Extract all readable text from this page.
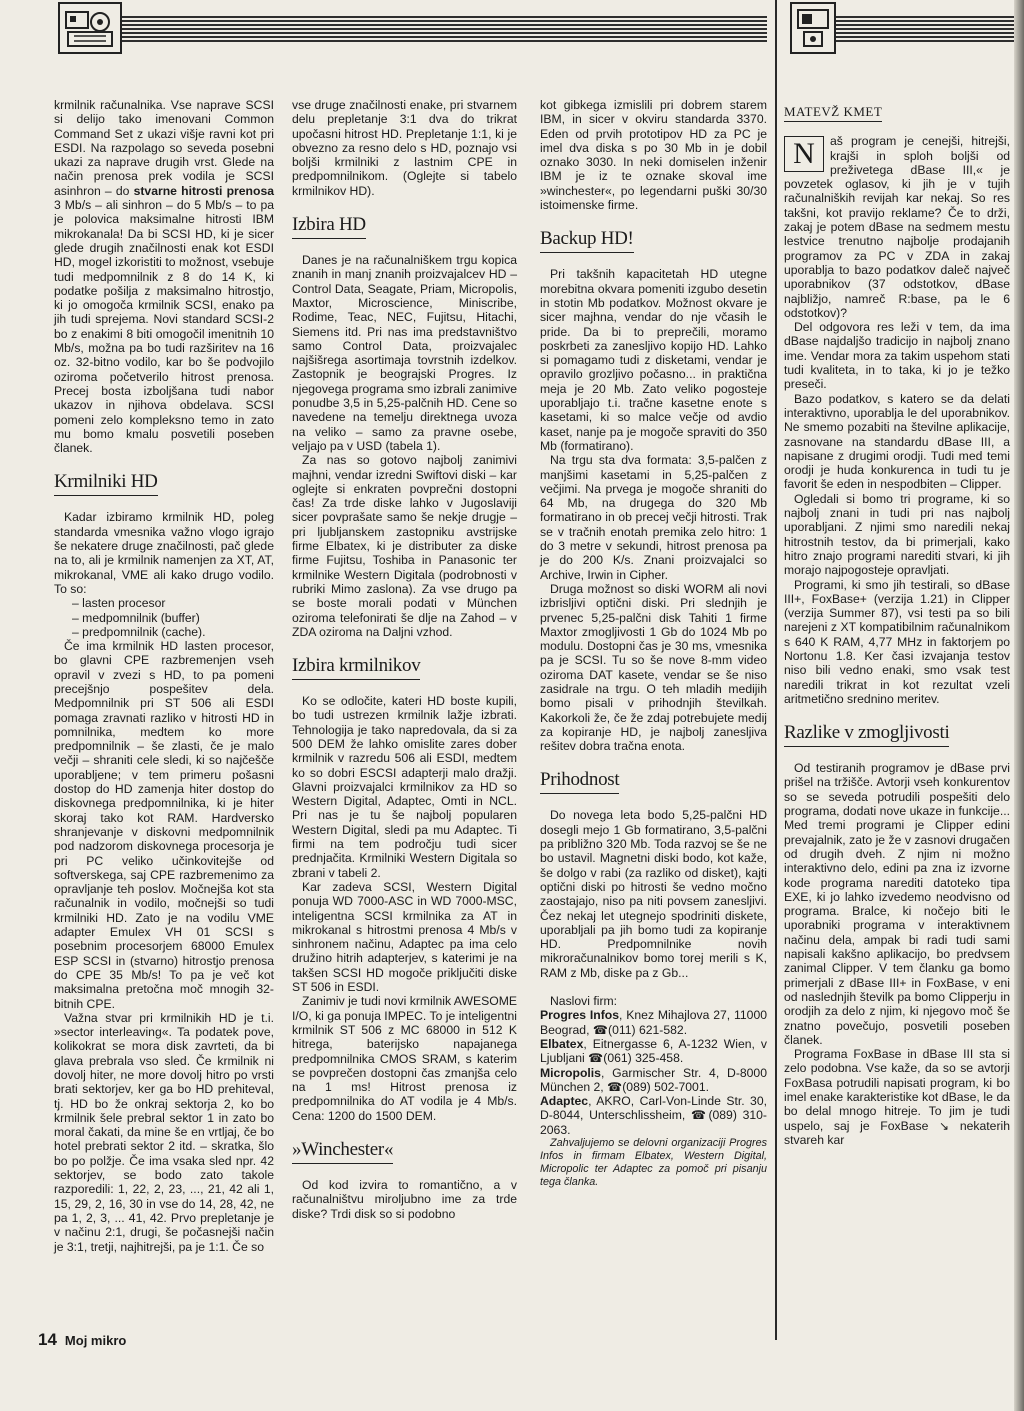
krmilnik računalnika. Vse naprave SCSI si delijo tako imenovani Common Command Set z ukazi višje ravni kot pri ESDI. Na razpolago so seveda posebni ukazi za naprave drugih vrst. Glede na način prenosa prek vodila je SCSI asinhron – do stvarne hitrosti prenosa 3 Mb/s – ali sinhron – do 5 Mb/s – to pa je polovica maksimalne hitrosti IBM mikrokanala! Da bi SCSI HD, ki je sicer glede drugih značilnosti enak kot ESDI HD, mogel izkoristiti to možnost, vsebuje tudi medpomnilnik z 8 do 14 K, ki podatke pošilja z maksimalno hitrostjo, ki jo omogoča krmilnik SCSI, enako pa jih tudi sprejema. Novi standard SCSI-2 bo z enakimi 8 biti omogočil imenitnih 10 Mb/s, možna pa bo tudi razširitev na 16 oz. 32-bitno vodilo, kar bo še podvojilo oziroma početverilo hitrost prenosa. Precej bosta izboljšana tudi nabor ukazov in njihova obdelava. SCSI pomeni zelo kompleksno temo in zato mu bomo kmalu posvetili poseben članek.

Krmilniki HD

Kadar izbiramo krmilnik HD, poleg standarda vmesnika važno vlogo igrajo še nekatere druge značilnosti, pač glede na to, ali je krmilnik namenjen za XT, AT, mikrokanal, VME ali kako drugo vodilo. To so:

– lasten procesor

– medpomnilnik (buffer)

– predpomnilnik (cache).

Če ima krmilnik HD lasten procesor, bo glavni CPE razbremenjen vseh opravil v zvezi s HD, to pa pomeni precejšnjo pospešitev dela. Medpomnilnik pri ST 506 ali ESDI pomaga zravnati razliko v hitrosti HD in pomnilnika, medtem ko more predpomnilnik – še zlasti, če je malo večji – shraniti cele sledi, ki so najčešče uporabljene; v tem primeru pošasni dostop do HD zamenja hiter dostop do diskovnega predpomnilnika, ki je hiter skoraj tako kot RAM. Hardversko shranjevanje v diskovni medpomnilnik pod nadzorom diskovnega procesorja je pri PC veliko učinkovitejše od softverskega, saj CPE razbremenimo za opravljanje teh poslov. Močnejša kot sta računalnik in vodilo, močnejši so tudi krmilniki HD. Zato je na vodilu VME adapter Emulex VH 01 SCSI s posebnim procesorjem 68000 Emulex ESP SCSI in (stvarno) hitrostjo prenosa do CPE 35 Mb/s! To pa je več kot maksimalna pretočna moč mnogih 32-bitnih CPE.

Važna stvar pri krmilnikih HD je t.i. »sector interleaving«. Ta podatek pove, kolikokrat se mora disk zavrteti, da bi glava prebrala vso sled. Če krmilnik ni dovolj hiter, ne more dovolj hitro po vrsti brati sektorjev, ker ga bo HD prehiteval, tj. HD bo že onkraj sektorja 2, ko bo krmilnik šele prebral sektor 1 in zato bo moral čakati, da mine še en vrtljaj, če bo hotel prebrati sektor 2 itd. – skratka, šlo bo po polžje. Če ima vsaka sled npr. 42 sektorjev, se bodo zato takole razporedili: 1, 22, 2, 23, ..., 21, 42 ali 1, 15, 29, 2, 16, 30 in vse do 14, 28, 42, ne pa 1, 2, 3, ... 41, 42. Prvo prepletanje je v načinu 2:1, drugi, še počasnejši način je 3:1, tretji, najhitrejši, pa je 1:1. Če so

vse druge značilnosti enake, pri stvarnem delu prepletanje 3:1 dva do trikrat upočasni hitrost HD. Prepletanje 1:1, ki je obvezno za resno delo s HD, poznajo vsi boljši krmilniki z lastnim CPE in predpomnilnikom. (Oglejte si tabelo krmilnikov HD).

Izbira HD

Danes je na računalniškem trgu kopica znanih in manj znanih proizvajalcev HD – Control Data, Seagate, Priam, Micropolis, Maxtor, Microscience, Miniscribe, Rodime, Teac, NEC, Fujitsu, Hitachi, Siemens itd. Pri nas ima predstavništvo samo Control Data, proizvajalec najšišrega asortimaja tovrstnih izdelkov. Zastopnik je beograjski Progres. Iz njegovega programa smo izbrali zanimive ponudbe 3,5 in 5,25-palčnih HD. Cene so navedene na temelju direktnega uvoza na veliko – samo za pravne osebe, veljajo pa v USD (tabela 1).

Za nas so gotovo najbolj zanimivi majhni, vendar izredni Swiftovi diski – kar oglejte si enkraten povprečni dostopni čas! Za trde diske lahko v Jugoslaviji sicer povprašate samo še nekje drugje – pri ljubljanskem zastopniku avstrijske firme Elbatex, ki je distributer za diske firme Fujitsu, Toshiba in Panasonic ter krmilnike Western Digitala (podrobnosti v rubriki Mimo zaslona). Za vse drugo pa se boste morali podati v München oziroma telefonirati še dlje na Zahod – v ZDA oziroma na Daljni vzhod.

Izbira krmilnikov

Ko se odločite, kateri HD boste kupili, bo tudi ustrezen krmilnik lažje izbrati. Tehnologija je tako napredovala, da si za 500 DEM že lahko omislite zares dober krmilnik v razredu 506 ali ESDI, medtem ko so dobri ESCSI adapterji malo dražji. Glavni proizvajalci krmilnikov za HD so Western Digital, Adaptec, Omti in NCL. Pri nas je tu še najbolj popularen Western Digital, sledi pa mu Adaptec. Ti firmi na tem področju tudi sicer prednjačita. Krmilniki Western Digitala so zbrani v tabeli 2.

Kar zadeva SCSI, Western Digital ponuja WD 7000-ASC in WD 7000-MSC, inteligentna SCSI krmilnika za AT in mikrokanal s hitrostmi prenosa 4 Mb/s v sinhronem načinu, Adaptec pa ima celo družino hitrih adapterjev, s katerimi je na takšen SCSI HD mogoče priključiti diske ST 506 in ESDI.

Zanimiv je tudi novi krmilnik AWESOME I/O, ki ga ponuja IMPEC. To je inteligentni krmilnik ST 506 z MC 68000 in 512 K hitrega, baterijsko napajanega predpomnilnika CMOS SRAM, s katerim se povprečen dostopni čas zmanjša celo na 1 ms! Hitrost prenosa iz predpomnilnika do AT vodila je 4 Mb/s. Cena: 1200 do 1500 DEM.

»Winchester«

Od kod izvira to romantično, a v računalništvu miroljubno ime za trde diske? Trdi disk so si podobno

kot gibkega izmislili pri dobrem starem IBM, in sicer v okviru standarda 3370. Eden od prvih prototipov HD za PC je imel dva diska s po 30 Mb in je dobil oznako 3030. In neki domiselen inženir IBM je iz te oznake skoval ime »winchester«, po legendarni puški 30/30 istoimenske firme.

Backup HD!

Pri takšnih kapacitetah HD utegne morebitna okvara pomeniti izgubo desetin in stotin Mb podatkov. Možnost okvare je sicer majhna, vendar do nje včasih le pride. Da bi to preprečili, moramo poskrbeti za zanesljivo kopijo HD. Lahko si pomagamo tudi z disketami, vendar je opravilo grozljivo počasno... in praktična meja je 20 Mb. Zato veliko pogosteje uporabljajo t.i. tračne kasetne enote s kasetami, ki so malce večje od avdio kaset, nanje pa je mogoče spraviti do 350 Mb (formatirano).

Na trgu sta dva formata: 3,5-palčen z manjšimi kasetami in 5,25-palčen z večjimi. Na prvega je mogoče shraniti do 64 Mb, na drugega do 320 Mb formatirano in ob precej večji hitrosti. Trak se v tračnih enotah premika zelo hitro: 1 do 3 metre v sekundi, hitrost prenosa pa je do 200 K/s. Znani proizvajalci so Archive, Irwin in Cipher.

Druga možnost so diski WORM ali novi izbrisljivi optični diski. Pri slednjih je prvenec 5,25-palčni disk Tahiti 1 firme Maxtor zmogljivosti 1 Gb do 1024 Mb po modulu. Dostopni čas je 30 ms, vmesnika pa je SCSI. Tu so še nove 8-mm video oziroma DAT kasete, vendar se še niso zasidrale na trgu. O teh mladih medijih bomo pisali v prihodnjih številkah. Kakorkoli že, če že zdaj potrebujete medij za kopiranje HD, je najbolj zanesljiva rešitev dobra tračna enota.

Prihodnost

Do novega leta bodo 5,25-palčni HD dosegli mejo 1 Gb formatirano, 3,5-palčni pa približno 320 Mb. Toda razvoj se še ne bo ustavil. Magnetni diski bodo, kot kaže, še dolgo v rabi (za razliko od disket), kajti optični diski po hitrosti še vedno močno zaostajajo, niso pa niti povsem zanesljivi. Čez nekaj let utegnejo spodriniti diskete, uporabljali pa jih bomo tudi za kopiranje HD. Predpomnilnike novih mikroračunalnikov bomo torej merili s K, RAM z Mb, diske pa z Gb...

Naslovi firm:

Progres Infos, Knez Mihajlova 27, 11000 Beograd, ☎(011) 621-582.

Elbatex, Eitnergasse 6, A-1232 Wien, v Ljubljani ☎(061) 325-458.

Micropolis, Garmischer Str. 4, D-8000 München 2, ☎(089) 502-7001.

Adaptec, AKRO, Carl-Von-Linde Str. 30, D-8044, Unterschlissheim, ☎(089) 310-2063.

Zahvaljujemo se delovni organizaciji Progres Infos in firmam Elbatex, Western Digital, Micropolic ter Adaptec za pomoč pri pisanju tega članka.

MATEVŽ KMET
N	aš program je cenejši, hitrejši, krajši in sploh boljši od preživetega dBase III,« je povzetek oglasov, ki jih je v tujih računalniških revijah kar nekaj. So res takšni, kot pravijo reklame? Če to drži, zakaj je potem dBase na sedmem mestu lestvice trenutno najbolje prodajanih programov za PC v ZDA in zakaj uporablja to bazo podatkov daleč največ uporabnikov (37 odstotkov, dBase najbližjo, namreč R:base, pa le 6 odstotkov)?

Del odgovora res leži v tem, da ima dBase najdaljšo tradicijo in najbolj znano ime. Vendar mora za takim uspehom stati tudi kvaliteta, in to taka, ki jo je težko preseči.

Bazo podatkov, s katero se da delati interaktivno, uporablja le del uporabnikov. Ne smemo pozabiti na številne aplikacije, zasnovane na standardu dBase III, a napisane z drugimi orodji. Tudi med temi orodji je huda konkurenca in tudi tu je favorit še eden in nespodbiten – Clipper.

Ogledali si bomo tri programe, ki so najbolj znani in tudi pri nas najbolj uporabljani. Z njimi smo naredili nekaj hitrostnih testov, da bi primerjali, kako hitro znajo programi narediti stvari, ki jih morajo najpogosteje opravljati.

Programi, ki smo jih testirali, so dBase III+, FoxBase+ (verzija 1.21) in Clipper (verzija Summer 87), vsi testi pa so bili narejeni z XT kompatibilnim računalnikom s 640 K RAM, 4,77 MHz in faktorjem po Nortonu 1.8. Ker časi izvajanja testov niso bili vedno enaki, smo vsak test naredili trikrat in kot rezultat vzeli aritmetično srednino meritev.

Razlike v zmogljivosti

Od testiranih programov je dBase prvi prišel na tržišče. Avtorji vseh konkurentov so se seveda potrudili pospešiti delo programa, dodati nove ukaze in funkcije... Med tremi programi je Clipper edini prevajalnik, zato je že v zasnovi drugačen od drugih dveh. Z njim ni možno interaktivno delo, edini pa zna iz izvorne kode programa narediti datoteko tipa EXE, ki jo lahko izvedemo neodvisno od programa. Bralce, ki nočejo biti le uporabniki programa v interaktivnem načinu dela, ampak bi radi tudi sami napisali kakšno aplikacijo, bo predvsem zanimal Clipper. V tem članku ga bomo primerjali z dBase III+ in FoxBase, v eni od naslednjih številk pa bomo Clipperju in orodjih za delo z njim, ki njegovo moč še znatno povečujo, posvetili poseben članek.

Programa FoxBase in dBase III sta si zelo podobna. Vse kaže, da so se avtorji FoxBasa potrudili napisati program, ki bo imel enake karakteristike kot dBase, le da bo delal mnogo hitreje. To jim je tudi uspelo, saj je FoxBase ↘ nekaterih stvareh kar

14 Moj mikro
